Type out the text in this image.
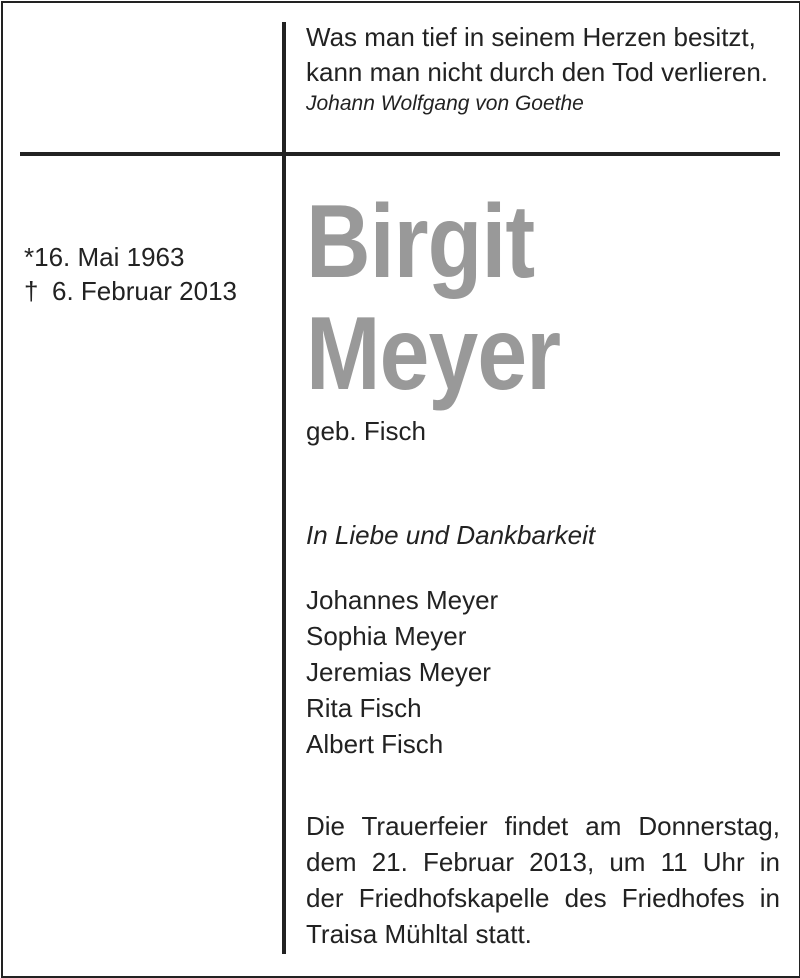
Was man tief in seinem Herzen besitzt,
kann man nicht durch den Tod verlieren.
Johann Wolfgang von Goethe
*16. Mai 1963
† 6. Februar 2013 Birgit
Meyer
geb. Fisch
In Liebe und Dankbarkeit
Johannes Meyer
Sophia Meyer
Jeremias Meyer
Rita Fisch
Albert Fisch
Die Trauerfeier findet am Donnerstag,
dem 21. Februar 2013, um 11 Uhr in
der Friedhofskapelle des Friedhofes in
Traisa Mühltal statt.
